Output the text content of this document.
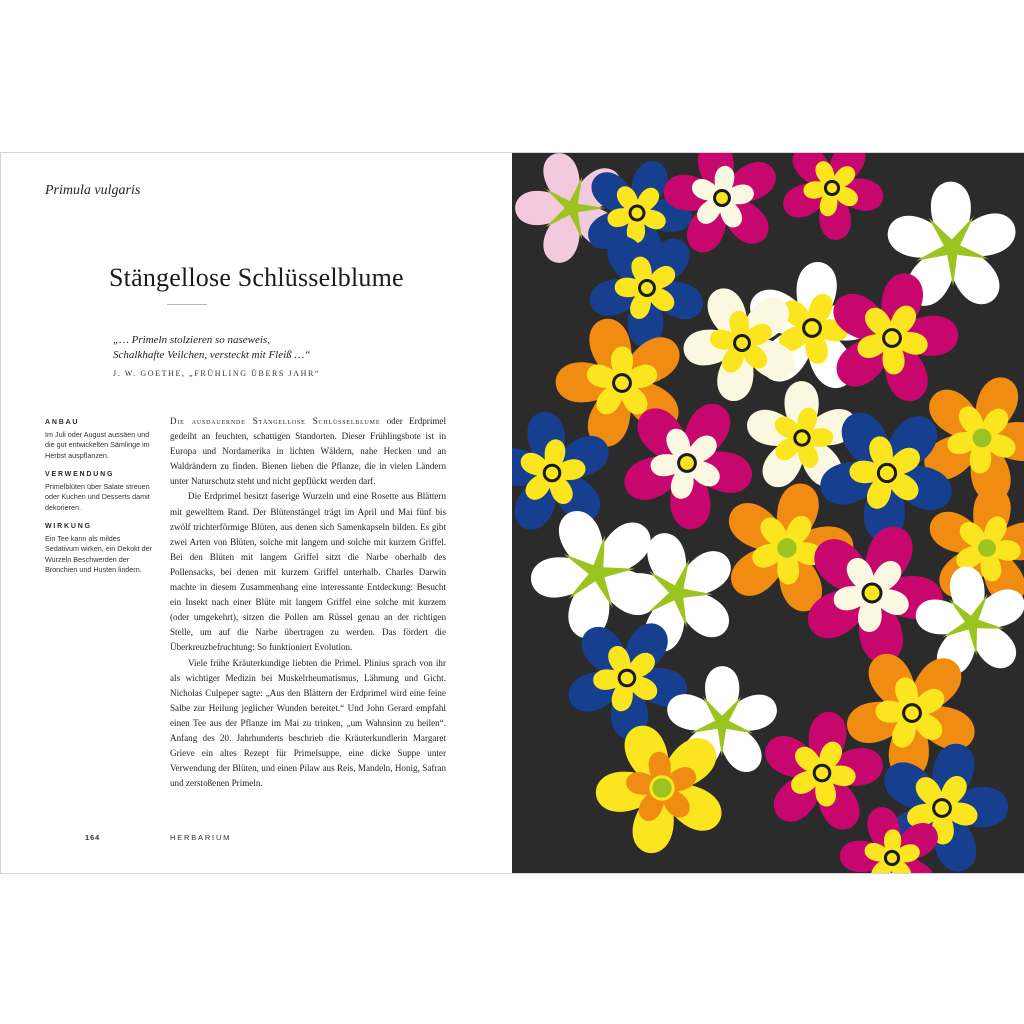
Primula vulgaris
Stängellose Schlüsselblume
„… Primeln stolzieren so naseweis,
Schalkhafte Veilchen, versteckt mit Fleiß …“
J. W. GOETHE, „FRÜHLING ÜBERS JAHR“
ANBAU
Im Juli oder August aussäen und die gut entwickelten Sämlinge im Herbst auspflanzen.
VERWENDUNG
Primelblüten über Salate streuen oder Kuchen und Desserts damit dekorieren.
WIRKUNG
Ein Tee kann als mildes Sedativum wirken, ein Dekokt der Wurzeln Beschwerden der Bronchien und Husten lindern.

Die ausdauernde Stängellose Schlüsselblume oder Erdprimel gedeiht an feuchten, schattigen Standorten. Dieser Frühlingsbote ist in Europa und Nordamerika in lichten Wäldern, nahe Hecken und an Waldrändern zu finden. Bienen lieben die Pflanze, die in vielen Ländern unter Naturschutz steht und nicht gepflückt werden darf.

Die Erdprimel besitzt faserige Wurzeln und eine Rosette aus Blättern mit gewelltem Rand. Der Blütenstängel trägt im April und Mai fünf bis zwölf trichterförmige Blüten, aus denen sich Samenkapseln bilden. Es gibt zwei Arten von Blüten, solche mit langem und solche mit kurzem Griffel. Bei den Blüten mit langem Griffel sitzt die Narbe oberhalb des Pollensacks, bei denen mit kurzem Griffel unterhalb. Charles Darwin machte in diesem Zusammenhang eine interessante Entdeckung: Besucht ein Insekt nach einer Blüte mit langem Griffel eine solche mit kurzem (oder umgekehrt), sitzen die Pollen am Rüssel genau an der richtigen Stelle, um auf die Narbe übertragen zu werden. Das fördert die Überkreuzbefruchtung: So funktioniert Evolution.

Viele frühe Kräuterkundige liebten die Primel. Plinius sprach von ihr als wichtiger Medizin bei Muskelrheumatismus, Lähmung und Gicht. Nicholas Culpeper sagte: „Aus den Blättern der Erdprimel wird eine feine Salbe zur Heilung jeglicher Wunden bereitet.“ Und John Gerard empfahl einen Tee aus der Pflanze im Mai zu trinken, „um Wahnsinn zu heilen“. Anfang des 20. Jahrhunderts beschrieb die Kräuterkundlerin Margaret Grieve ein altes Rezept für Primelsuppe, eine dicke Suppe unter Verwendung der Blüten, und einen Pilaw aus Reis, Mandeln, Honig, Safran und zerstoßenen Primeln.

164	HERBARIUM
